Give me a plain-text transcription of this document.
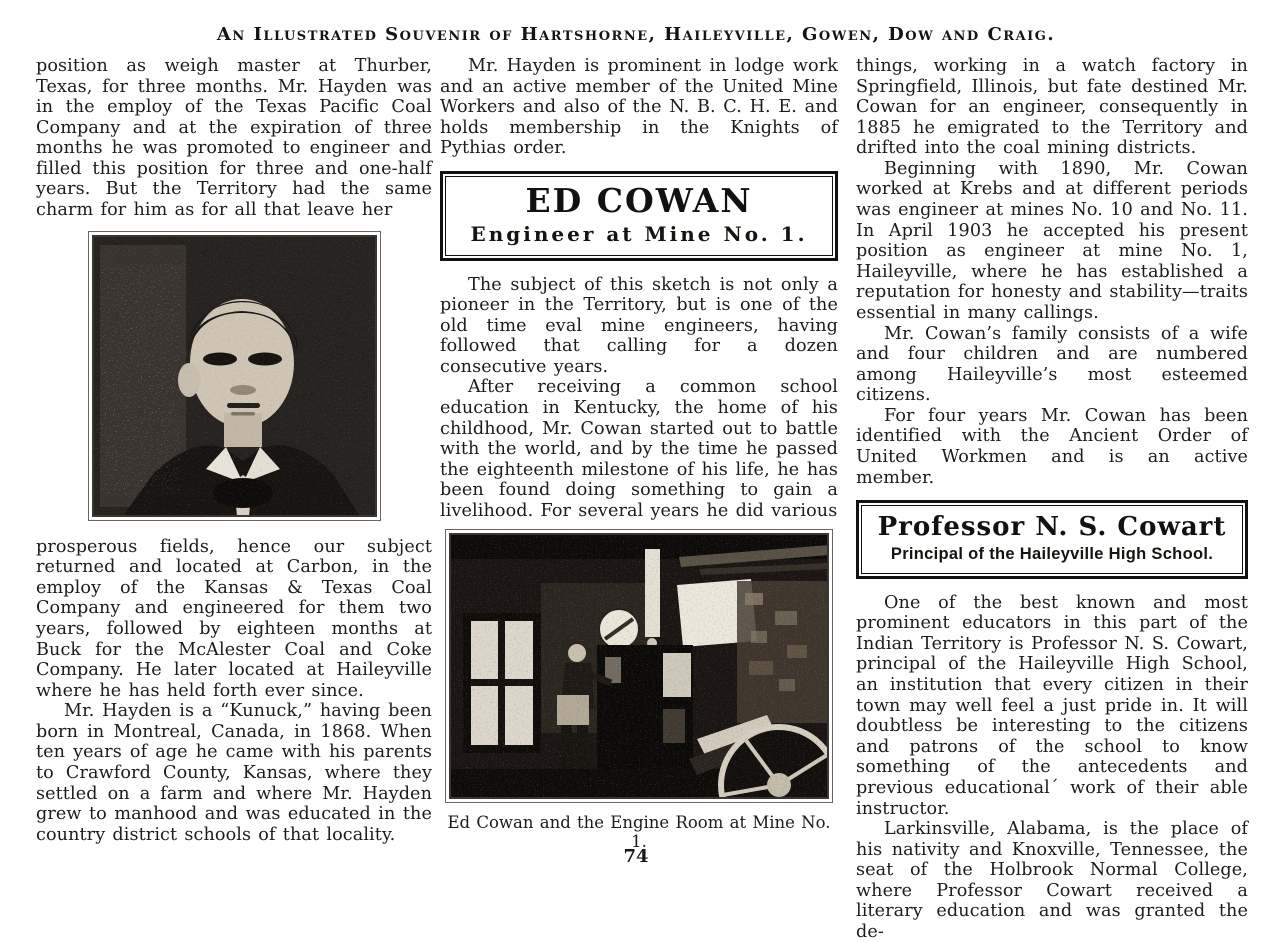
An Illustrated Souvenir of Hartshorne, Haileyville, Gowen, Dow and Craig.

position as weigh master at Thurber, Texas, for three months. Mr. Hayden was in the employ of the Texas Pacific Coal Company and at the expiration of three months he was promoted to engineer and filled this position for three and one-half years. But the Territory had the same charm for him as for all that leave her

prosperous fields, hence our subject returned and located at Carbon, in the employ of the Kansas & Texas Coal Company and engineered for them two years, followed by eighteen months at Buck for the McAlester Coal and Coke Company. He later located at Haileyville where he has held forth ever since.

Mr. Hayden is a “Kunuck,” having been born in Montreal, Canada, in 1868. When ten years of age he came with his parents to Crawford County, Kansas, where they settled on a farm and where Mr. Hayden grew to manhood and was educated in the country district schools of that locality.

Mr. Hayden is prominent in lodge work and an active member of the United Mine Workers and also of the N. B. C. H. E. and holds membership in the Knights of Pythias order.

ED COWAN
Engineer at Mine No. 1.

The subject of this sketch is not only a pioneer in the Territory, but is one of the old time eval mine engineers, having followed that calling for a dozen consecutive years.

After receiving a common school education in Kentucky, the home of his childhood, Mr. Cowan started out to battle with the world, and by the time he passed the eighteenth milestone of his life, he has been found doing something to gain a livelihood. For several years he did various

Ed Cowan and the Engine Room at Mine No. 1.

things, working in a watch factory in Springfield, Illinois, but fate destined Mr. Cowan for an engineer, consequently in 1885 he emigrated to the Territory and drifted into the coal mining districts.

Beginning with 1890, Mr. Cowan worked at Krebs and at different periods was engineer at mines No. 10 and No. 11. In April 1903 he accepted his present position as engineer at mine No. 1, Haileyville, where he has established a reputation for honesty and stability—traits essential in many callings.

Mr. Cowan’s family consists of a wife and four children and are numbered among Haileyville’s most esteemed citizens.

For four years Mr. Cowan has been identified with the Ancient Order of United Workmen and is an active member.

Professor N. S. Cowart
Principal of the Haileyville High School.

One of the best known and most prominent educators in this part of the Indian Territory is Professor N. S. Cowart, principal of the Haileyville High School, an institution that every citizen in their town may well feel a just pride in. It will doubtless be interesting to the citizens and patrons of the school to know something of the antecedents and previous educational´ work of their able instructor.

Larkinsville, Alabama, is the place of his nativity and Knoxville, Tennessee, the seat of the Holbrook Normal College, where Professor Cowart received a literary education and was granted the de-

74
